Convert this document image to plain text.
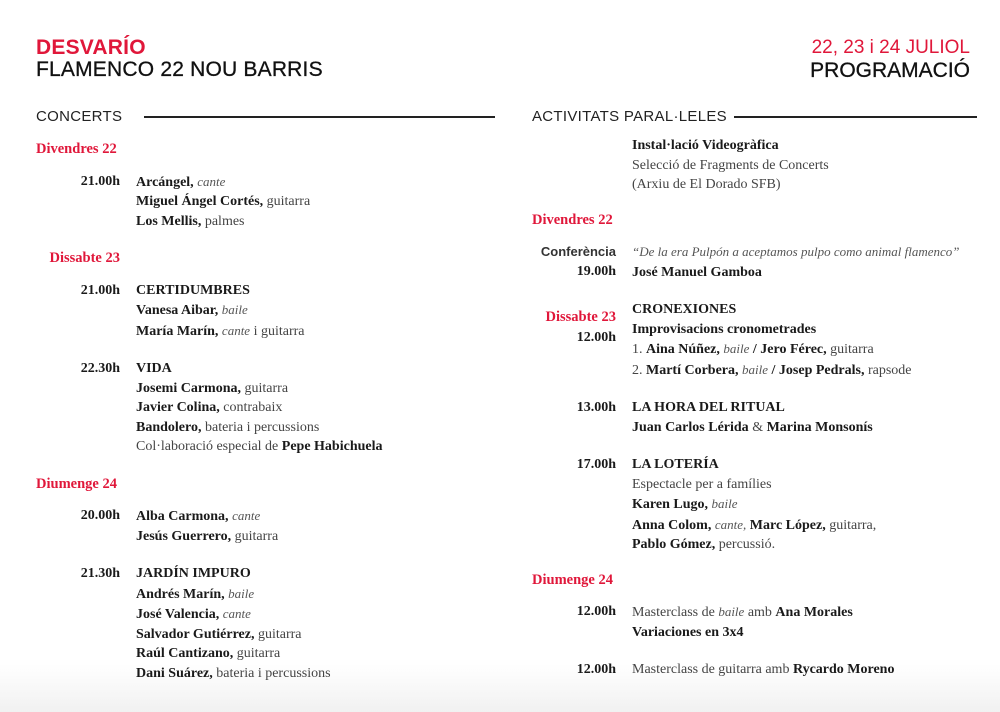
DESVARÍO
FLAMENCO 22 NOU BARRIS
22, 23 i 24 JULIOL
PROGRAMACIÓ
CONCERTS	ACTIVITATS PARAL·LELES
Divendres 22
21.00h Arcángel, cante
Miguel Ángel Cortés, guitarra
Los Mellis, palmes
Dissabte 23
21.00h CERTIDUMBRES
Vanesa Aibar, baile
María Marín, cante i guitarra
22.30h VIDA
Josemi Carmona, guitarra
Javier Colina, contrabaix
Bandolero, bateria i percussions
Col·laboració especial de Pepe Habichuela
Diumenge 24
20.00h Alba Carmona, cante
Jesús Guerrero, guitarra
21.30h JARDÍN IMPURO
Andrés Marín, baile
José Valencia, cante
Salvador Gutiérrez, guitarra
Raúl Cantizano, guitarra
Dani Suárez, bateria i percussions
Instal·lació Videogràfica
Selecció de Fragments de Concerts
(Arxiu de El Dorado SFB)
Divendres 22
Conferència
19.00h
“De la era Pulpón a aceptamos pulpo como animal flamenco”
José Manuel Gamboa
Dissabte 23
12.00h
CRONEXIONES
Improvisacions cronometrades
1. Aina Núñez, baile / Jero Férec, guitarra
2. Martí Corbera, baile / Josep Pedrals, rapsode
13.00h LA HORA DEL RITUAL
Juan Carlos Lérida & Marina Monsonís
17.00h LA LOTERÍA
Espectacle per a famílies
Karen Lugo, baile
Anna Colom, cante, Marc López, guitarra,
Pablo Gómez, percussió.
Diumenge 24
12.00h Masterclass de baile amb Ana Morales
Variaciones en 3x4
12.00h Masterclass de guitarra amb Rycardo Moreno
